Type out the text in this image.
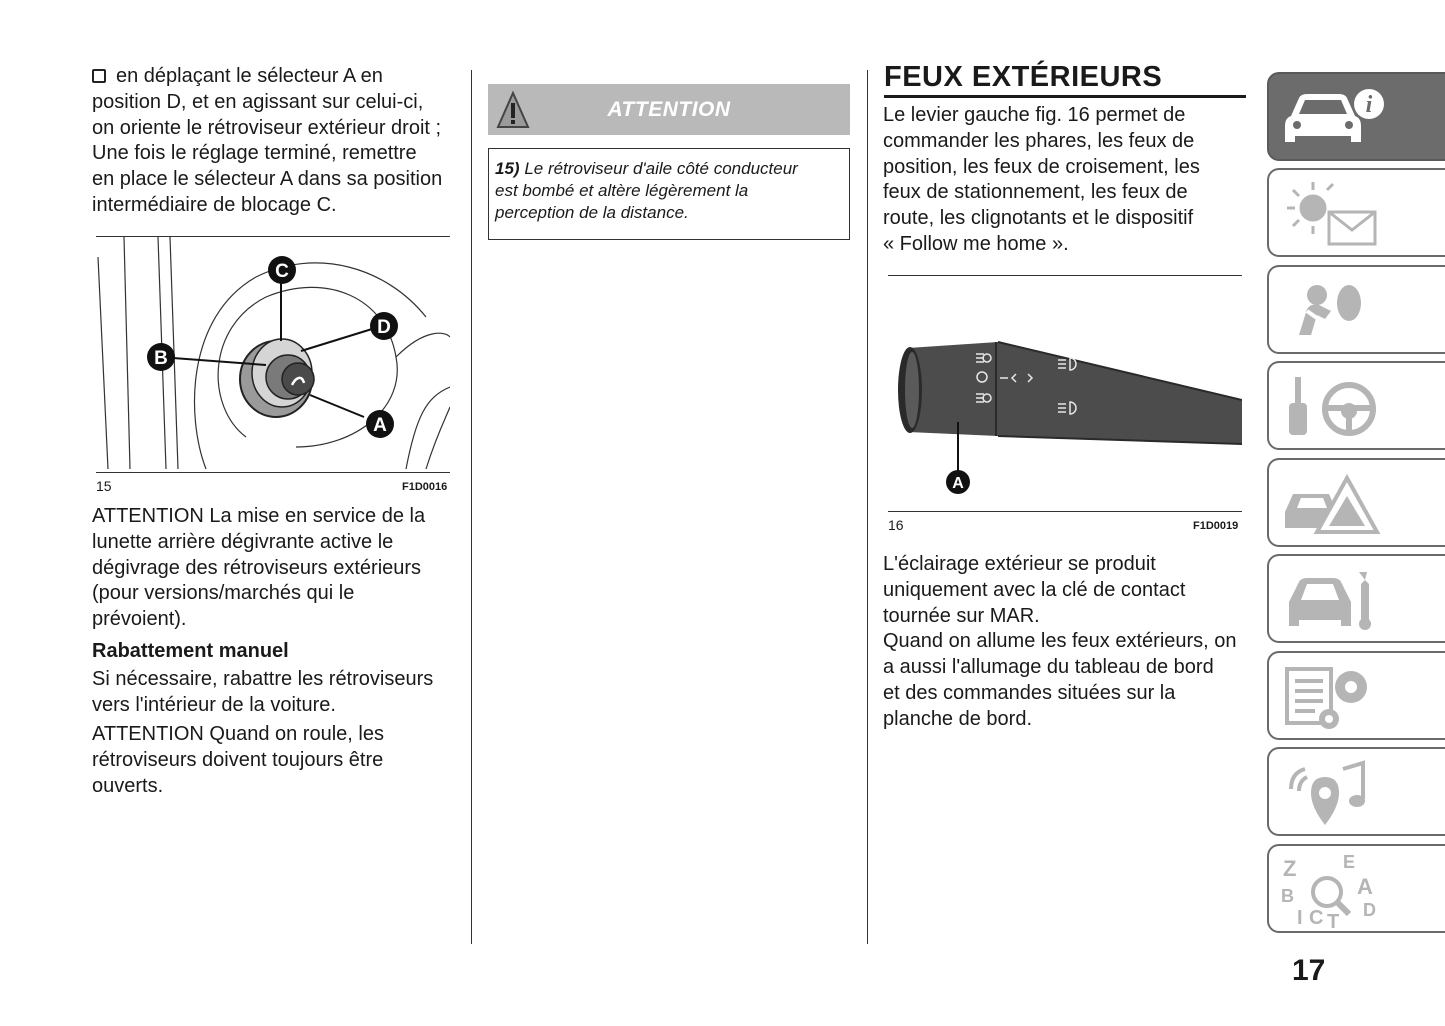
en déplaçant le sélecteur A en
position D, et en agissant sur celui-ci,
on oriente le rétroviseur extérieur droit ;
Une fois le réglage terminé, remettre
en place le sélecteur A dans sa position
intermédiaire de blocage C.
C
D
B
A
15	F1D0016
ATTENTION La mise en service de la
lunette arrière dégivrante active le
dégivrage des rétroviseurs extérieurs
(pour versions/marchés qui le
prévoient).
Rabattement manuel
Si nécessaire, rabattre les rétroviseurs
vers l'intérieur de la voiture.
ATTENTION Quand on roule, les
rétroviseurs doivent toujours être
ouverts.
ATTENTION
15) Le rétroviseur d'aile côté conducteur
est bombé et altère légèrement la
perception de la distance.
FEUX EXTÉRIEURS
Le levier gauche fig. 16 permet de
commander les phares, les feux de
position, les feux de croisement, les
feux de stationnement, les feux de
route, les clignotants et le dispositif
« Follow me home ».
A
16	F1D0019
L'éclairage extérieur se produit
uniquement avec la clé de contact
tournée sur MAR.
Quand on allume les feux extérieurs, on
a aussi l'allumage du tableau de bord
et des commandes situées sur la
planche de bord.
i
Z	E
A
B
D
I C T
17
